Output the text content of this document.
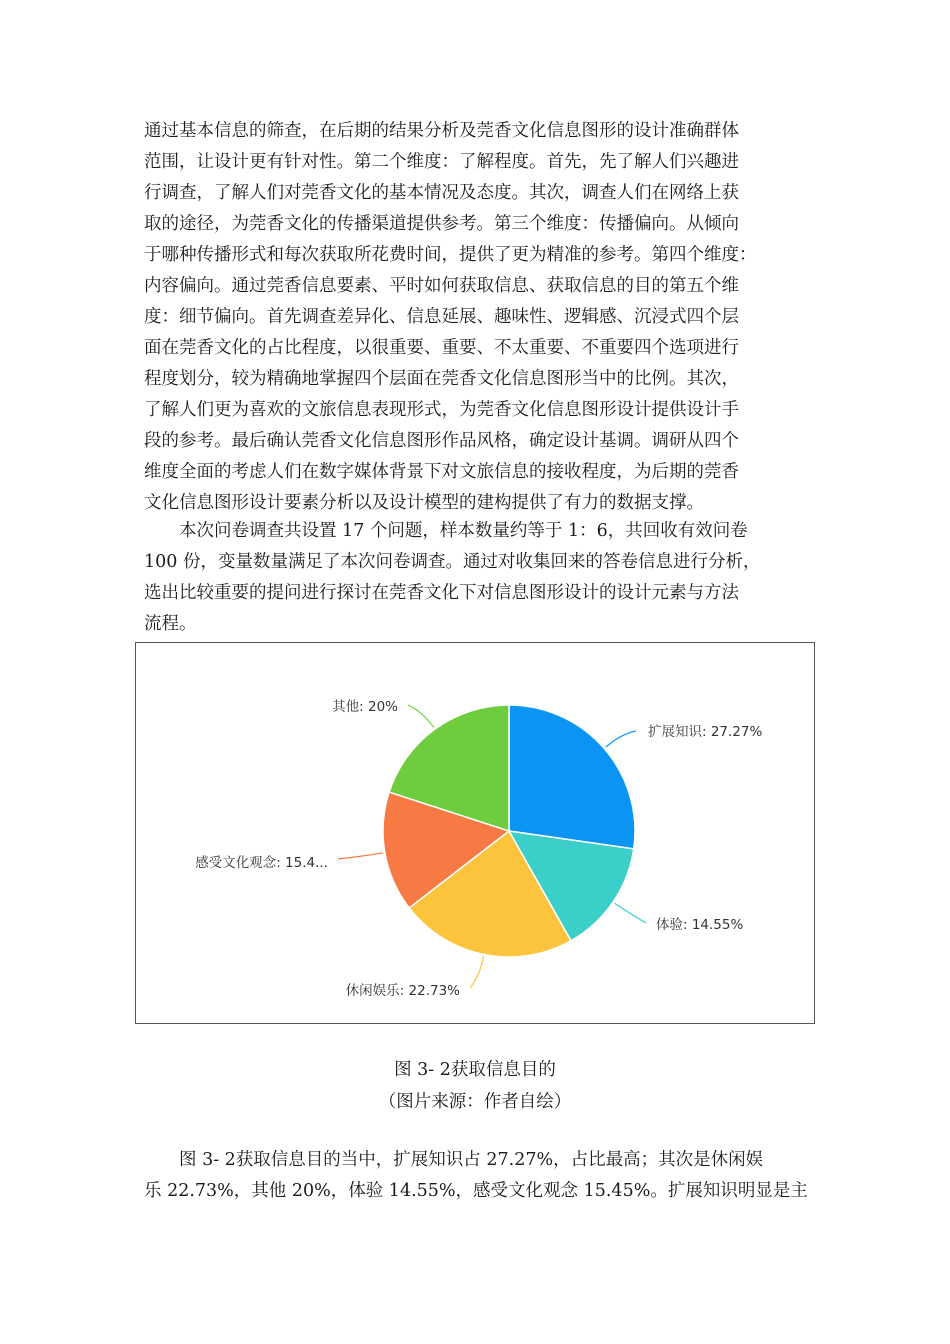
通过基本信息的筛查，在后期的结果分析及莞香文化信息图形的设计准确群体
范围，让设计更有针对性。第二个维度：了解程度。首先，先了解人们兴趣进
行调查，了解人们对莞香文化的基本情况及态度。其次，调查人们在网络上获
取的途径，为莞香文化的传播渠道提供参考。第三个维度：传播偏向。从倾向
于哪种传播形式和每次获取所花费时间，提供了更为精准的参考。第四个维度：
内容偏向。通过莞香信息要素、平时如何获取信息、获取信息的目的第五个维
度：细节偏向。首先调查差异化、信息延展、趣味性、逻辑感、沉浸式四个层
面在莞香文化的占比程度，以很重要、重要、不太重要、不重要四个选项进行
程度划分，较为精确地掌握四个层面在莞香文化信息图形当中的比例。其次，
了解人们更为喜欢的文旅信息表现形式，为莞香文化信息图形设计提供设计手
段的参考。最后确认莞香文化信息图形作品风格，确定设计基调。调研从四个
维度全面的考虑人们在数字媒体背景下对文旅信息的接收程度，为后期的莞香
文化信息图形设计要素分析以及设计模型的建构提供了有力的数据支撑。
　　本次问卷调查共设置 17 个问题，样本数量约等于 1：6，共回收有效问卷
100 份，变量数量满足了本次问卷调查。通过对收集回来的答卷信息进行分析，
选出比较重要的提问进行探讨在莞香文化下对信息图形设计的设计元素与方法
流程。
扩展知识: 27.27%
体验: 14.55%
休闲娱乐: 22.73%
感受文化观念: 15.4...
其他: 20%
图 3- 2获取信息目的
（图片来源：作者自绘）
　　图 3- 2获取信息目的当中，扩展知识占 27.27%，占比最高；其次是休闲娱
乐 22.73%，其他 20%，体验 14.55%，感受文化观念 15.45%。扩展知识明显是主
